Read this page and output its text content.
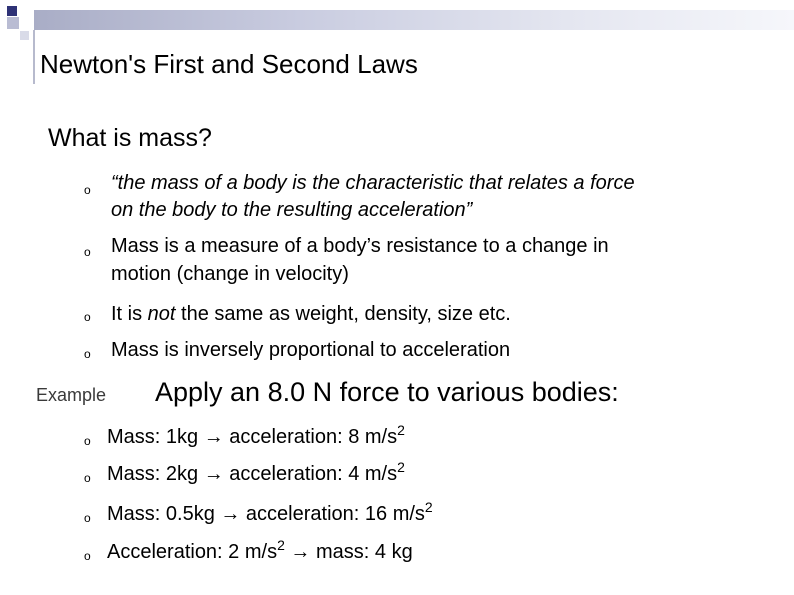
Newton's First and Second Laws
What is mass?
o “the mass of a body is the characteristic that relates a force
on the body to the resulting acceleration”
o Mass is a measure of a body’s resistance to a change in
motion (change in velocity)
o It is not the same as weight, density, size etc.
o Mass is inversely proportional to acceleration
Example Apply an 8.0 N force to various bodies:
o Mass: 1kg → acceleration: 8 $m/s^2$
o Mass: 2kg → acceleration: 4 $m/s^2$
o Mass: 0.5kg → acceleration: 16 $m/s^2$
o Acceleration: 2 $m/s^2$ → mass: 4 kg
